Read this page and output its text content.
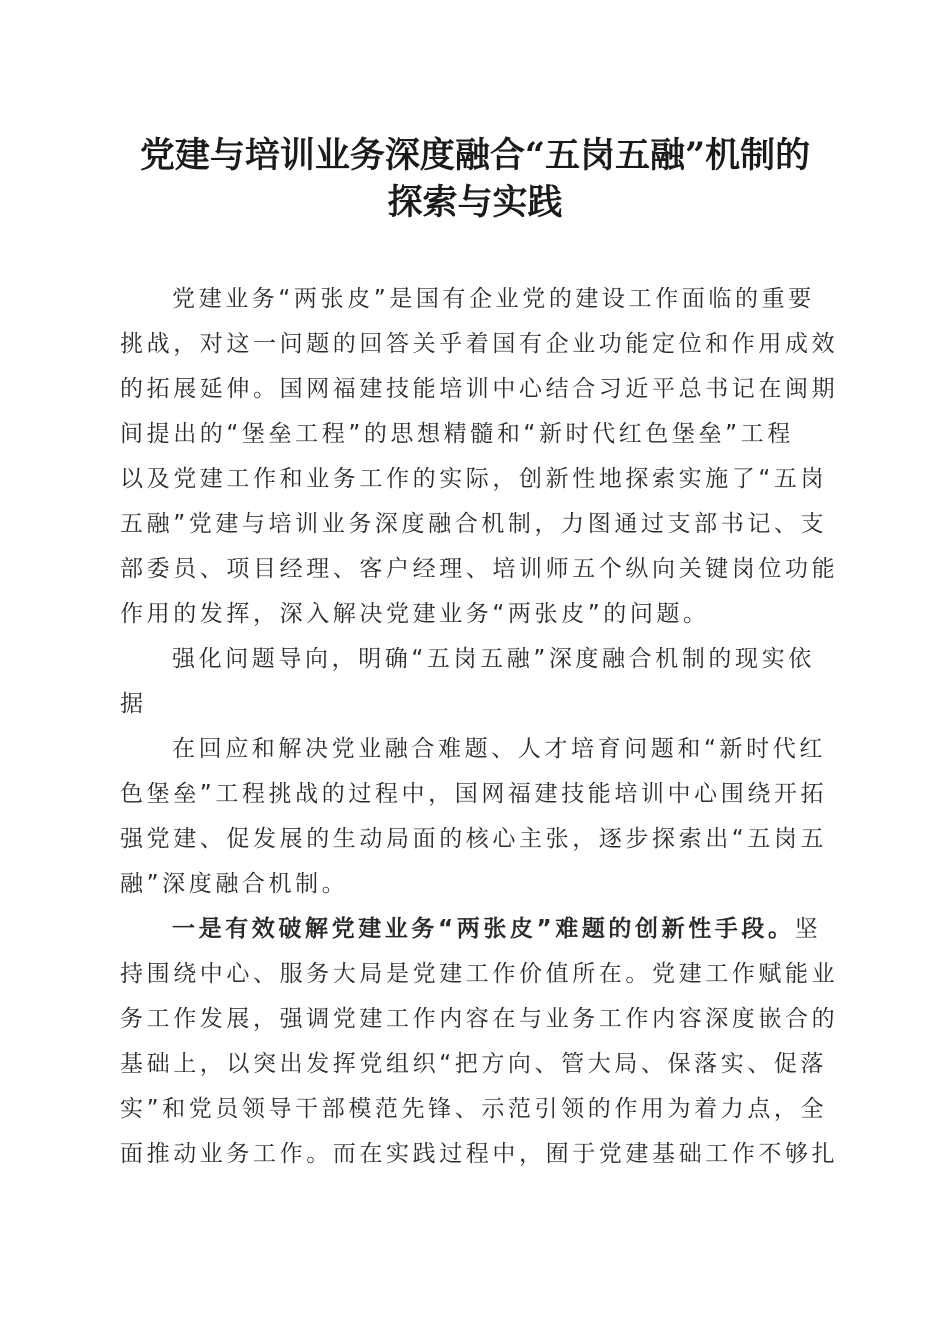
党建与培训业务深度融合“五岗五融”机制的
探索与实践

党建业务“两张皮”是国有企业党的建设工作面临的重要
挑战，对这一问题的回答关乎着国有企业功能定位和作用成效
的拓展延伸。国网福建技能培训中心结合习近平总书记在闽期
间提出的“堡垒工程”的思想精髓和“新时代红色堡垒”工程
以及党建工作和业务工作的实际，创新性地探索实施了“五岗
五融”党建与培训业务深度融合机制，力图通过支部书记、支
部委员、项目经理、客户经理、培训师五个纵向关键岗位功能
作用的发挥，深入解决党建业务“两张皮”的问题。

强化问题导向，明确“五岗五融”深度融合机制的现实依
据

在回应和解决党业融合难题、人才培育问题和“新时代红
色堡垒”工程挑战的过程中，国网福建技能培训中心围绕开拓
强党建、促发展的生动局面的核心主张，逐步探索出“五岗五
融”深度融合机制。

一是有效破解党建业务“两张皮”难题的创新性手段。坚
持围绕中心、服务大局是党建工作价值所在。党建工作赋能业
务工作发展，强调党建工作内容在与业务工作内容深度嵌合的
基础上，以突出发挥党组织“把方向、管大局、保落实、促落
实”和党员领导干部模范先锋、示范引领的作用为着力点，全
面推动业务工作。而在实践过程中，囿于党建基础工作不够扎
